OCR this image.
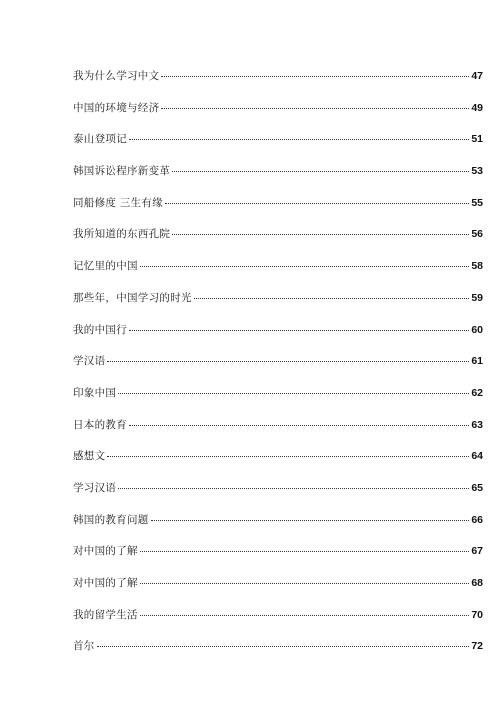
我为什么学习中文	47
中国的环境与经济	49
泰山登项记	51
韩国诉讼程序新变革	53
同船修度 三生有缘	55
我所知道的东西孔院	56
记忆里的中国	58
那些年，中国学习的时光	59
我的中国行	60
学汉语	61
印象中国	62
日本的教育	63
感想文	64
学习汉语	65
韩国的教育问题	66
对中国的了解	67
对中国的了解	68
我的留学生活	70
首尔	72
